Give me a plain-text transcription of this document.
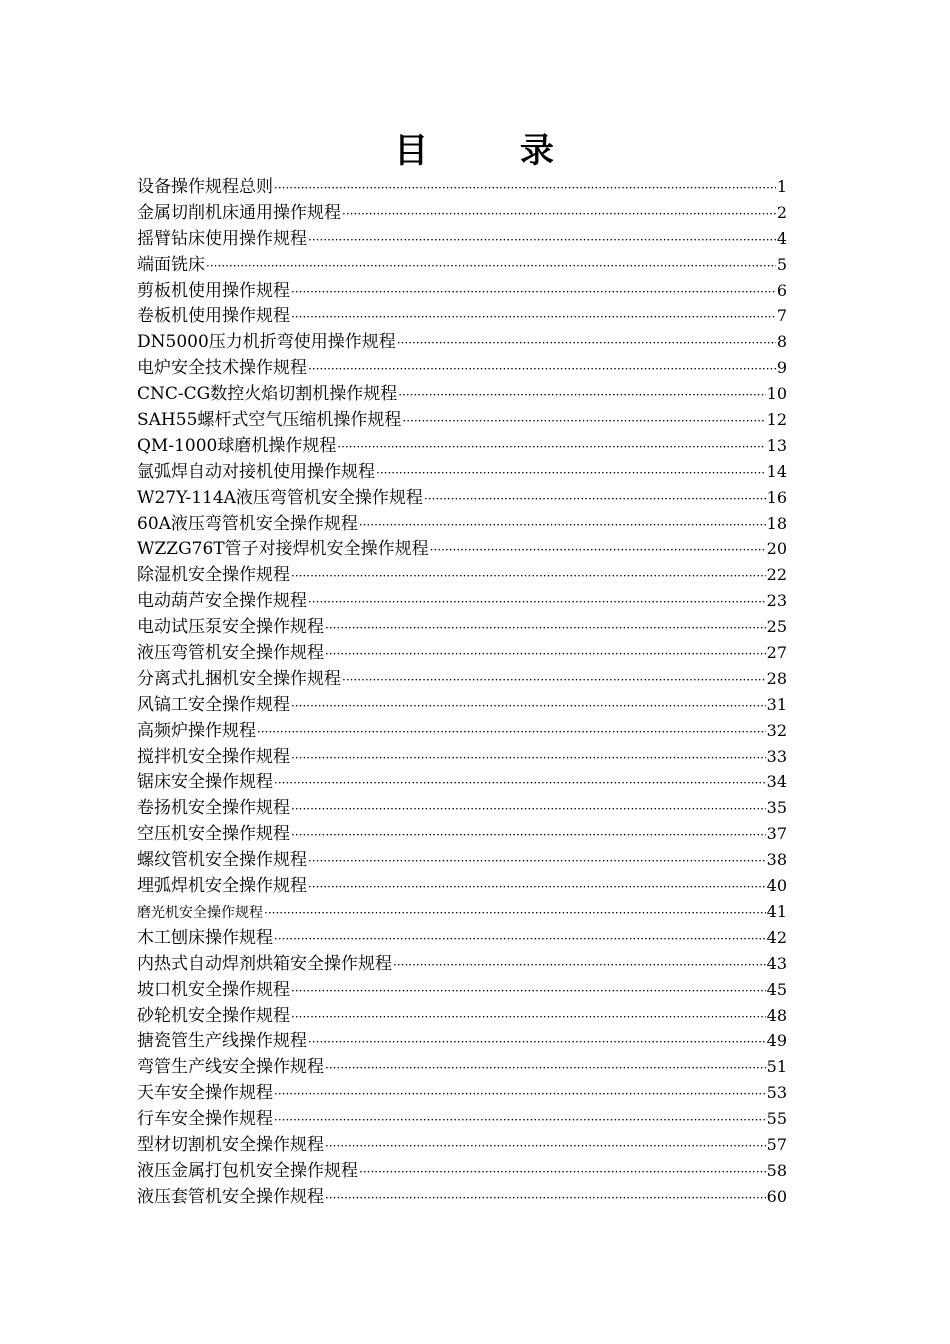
目 录
设备操作规程总则 ·····	1
金属切削机床通用操作规程 ·····	2
摇臂钻床使用操作规程 ·····	4
端面铣床 ·····	5
剪板机使用操作规程 ·····	6
卷板机使用操作规程 ·····	7
DN5000压力机折弯使用操作规程 ·····	8
电炉安全技术操作规程 ·····	9
CNC-CG数控火焰切割机操作规程 ·····	10
SAH55螺杆式空气压缩机操作规程 ·····	12
QM-1000球磨机操作规程 ·····	13
氩弧焊自动对接机使用操作规程 ·····	14
W27Y-114A液压弯管机安全操作规程 ·····	16
60A液压弯管机安全操作规程 ·····	18
WZZG76T管子对接焊机安全操作规程 ·····	20
除湿机安全操作规程 ·····	22
电动葫芦安全操作规程 ·····	23
电动试压泵安全操作规程 ·····	25
液压弯管机安全操作规程 ·····	27
分离式扎捆机安全操作规程 ·····	28
风镐工安全操作规程 ·····	31
高频炉操作规程 ·····	32
搅拌机安全操作规程 ·····	33
锯床安全操作规程 ·····	34
卷扬机安全操作规程 ·····	35
空压机安全操作规程 ·····	37
螺纹管机安全操作规程 ·····	38
埋弧焊机安全操作规程 ·····	40
磨光机安全操作规程 ·····	41
木工刨床操作规程 ·····	42
内热式自动焊剂烘箱安全操作规程 ·····	43
坡口机安全操作规程 ·····	45
砂轮机安全操作规程 ·····	48
搪瓷管生产线操作规程 ·····	49
弯管生产线安全操作规程 ·····	51
天车安全操作规程 ·····	53
行车安全操作规程 ·····	55
型材切割机安全操作规程 ·····	57
液压金属打包机安全操作规程 ·····	58
液压套管机安全操作规程 ·····	60
